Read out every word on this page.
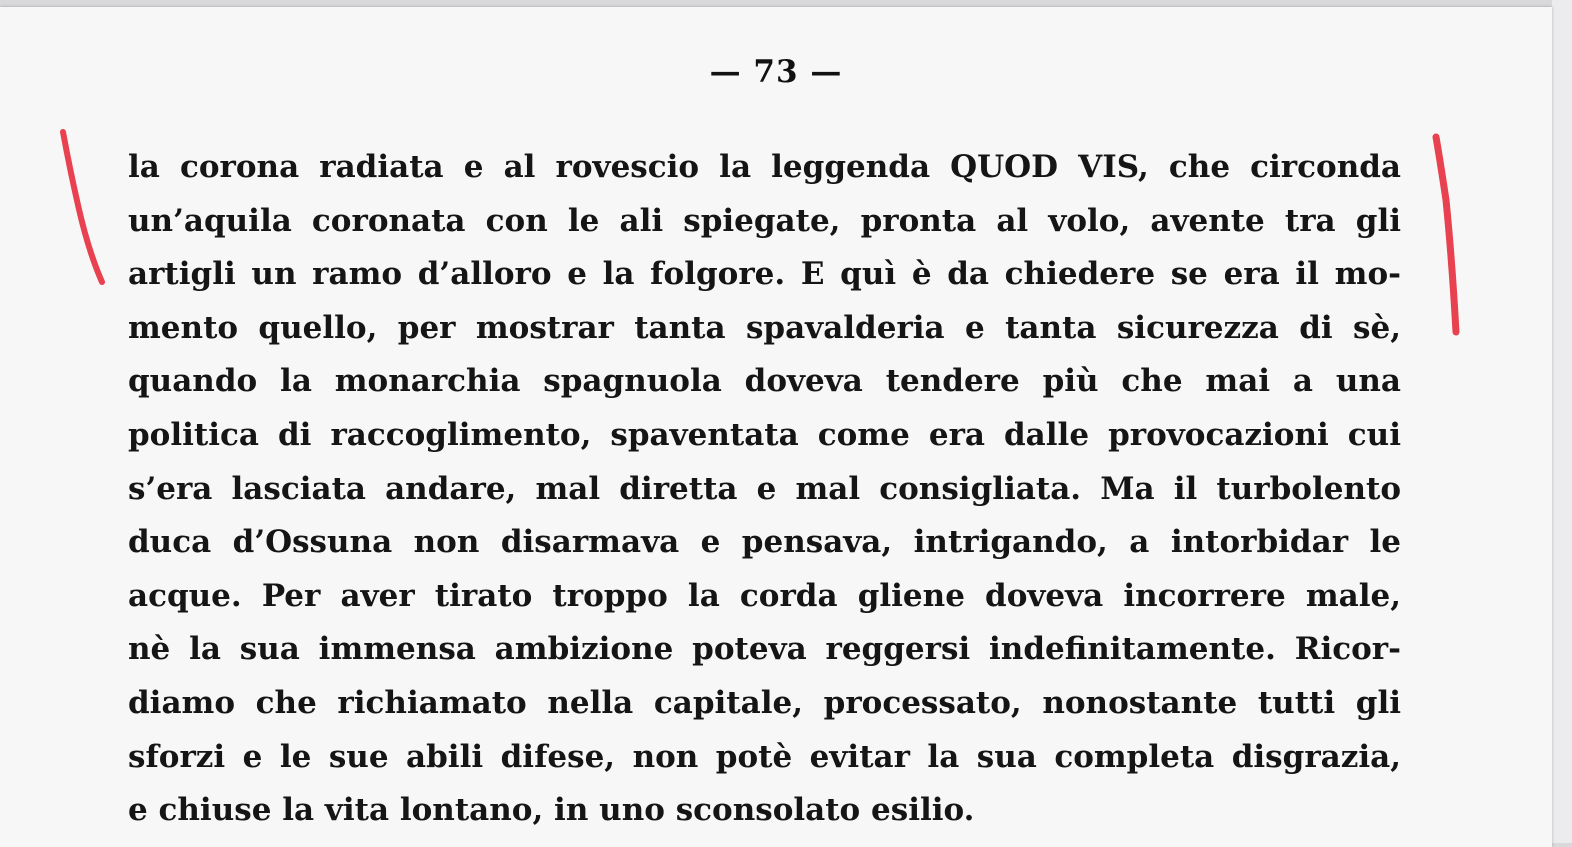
— 73 —
la corona radiata e al rovescio la leggenda QUOD VIS, che circonda
un’aquila coronata con le ali spiegate, pronta al volo, avente tra gli
artigli un ramo d’alloro e la folgore. E quì è da chiedere se era il mo-
mento quello, per mostrar tanta spavalderia e tanta sicurezza di sè,
quando la monarchia spagnuola doveva tendere più che mai a una
politica di raccoglimento, spaventata come era dalle provocazioni cui
s’era lasciata andare, mal diretta e mal consigliata. Ma il turbolento
duca d’Ossuna non disarmava e pensava, intrigando, a intorbidar le
acque. Per aver tirato troppo la corda gliene doveva incorrere male,
nè la sua immensa ambizione poteva reggersi indefinitamente. Ricor-
diamo che richiamato nella capitale, processato, nonostante tutti gli
sforzi e le sue abili difese, non potè evitar la sua completa disgrazia,
e chiuse la vita lontano, in uno sconsolato esilio.
